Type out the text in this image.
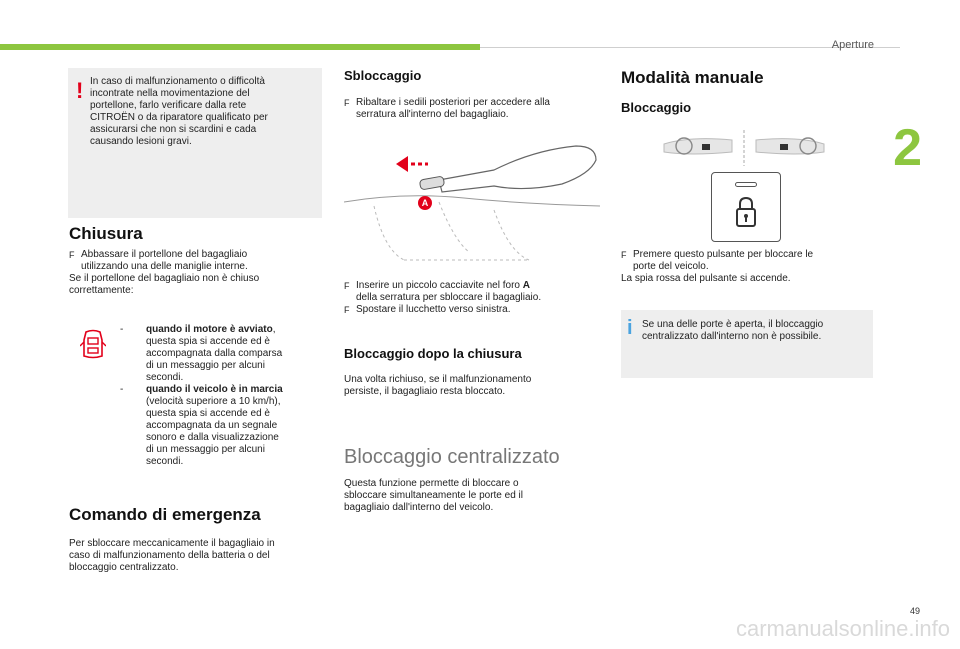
Aperture
2
! In caso di malfunzionamento o difficoltà
incontrate nella movimentazione del
portellone, farlo verificare dalla rete
CITROËN o da riparatore qualificato per
assicurarsi che non si scardini e cada
causando lesioni gravi.
Chiusura
F Abbassare il portellone del bagagliaio
utilizzando una delle maniglie interne.
Se il portellone del bagagliaio non è chiuso
correttamente:
-	quando il motore è avviato,
questa spia si accende ed è
accompagnata dalla comparsa
di un messaggio per alcuni
secondi.
-	quando il veicolo è in marcia
(velocità superiore a 10 km/h),
questa spia si accende ed è
accompagnata da un segnale
sonoro e dalla visualizzazione
di un messaggio per alcuni
secondi.
Comando di emergenza
Per sbloccare meccanicamente il bagagliaio in
caso di malfunzionamento della batteria o del
bloccaggio centralizzato.
Sbloccaggio
F Ribaltare i sedili posteriori per accedere alla
serratura all'interno del bagagliaio.
A
F Inserire un piccolo cacciavite nel foro A
della serratura per sbloccare il bagagliaio.
F Spostare il lucchetto verso sinistra.
Bloccaggio dopo la chiusura
Una volta richiuso, se il malfunzionamento
persiste, il bagagliaio resta bloccato.
Bloccaggio centralizzato
Questa funzione permette di bloccare o
sbloccare simultaneamente le porte ed il
bagagliaio dall'interno del veicolo.
Modalità manuale
Bloccaggio
F Premere questo pulsante per bloccare le
porte del veicolo.
La spia rossa del pulsante si accende.
i Se una delle porte è aperta, il bloccaggio
centralizzato dall'interno non è possibile.
49
carmanualsonline.info
